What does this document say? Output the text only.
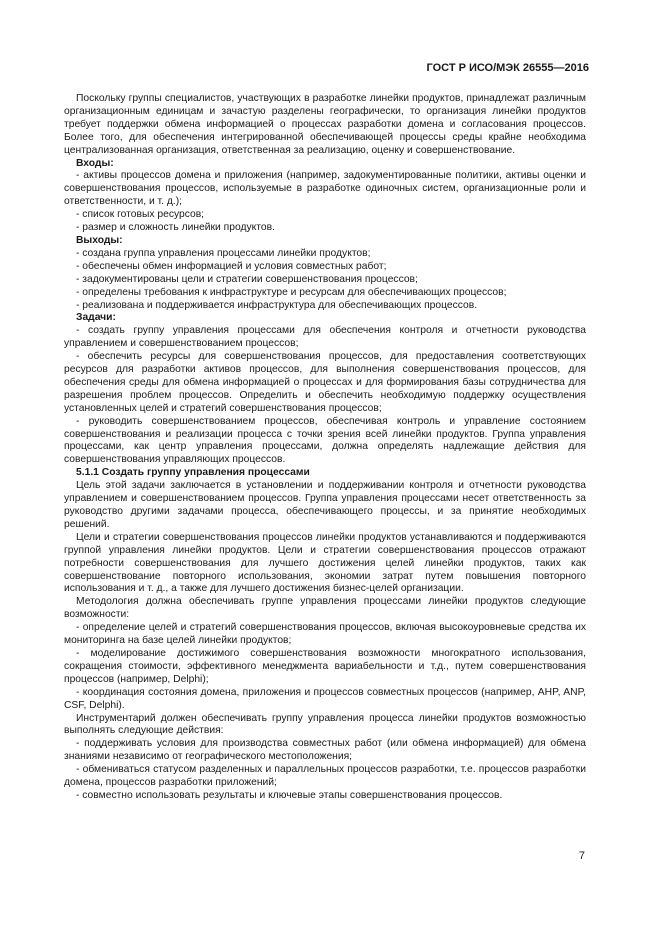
ГОСТ Р ИСО/МЭК 26555—2016

Поскольку группы специалистов, участвующих в разработке линейки продуктов, принадлежат различным организационным единицам и зачастую разделены географически, то организация линейки продуктов требует поддержки обмена информацией о процессах разработки домена и согласования процессов. Более того, для обеспечения интегрированной обеспечивающей процессы среды крайне необходима централизованная организация, ответственная за реализацию, оценку и совершенствование.

Входы:

- активы процессов домена и приложения (например, задокументированные политики, активы оценки и совершенствования процессов, используемые в разработке одиночных систем, организационные роли и ответственности, и т. д.);

- список готовых ресурсов;

- размер и сложность линейки продуктов.

Выходы:

- создана группа управления процессами линейки продуктов;

- обеспечены обмен информацией и условия совместных работ;

- задокументированы цели и стратегии совершенствования процессов;

- определены требования к инфраструктуре и ресурсам для обеспечивающих процессов;

- реализована и поддерживается инфраструктура для обеспечивающих процессов.

Задачи:

- создать группу управления процессами для обеспечения контроля и отчетности руководства управлением и совершенствованием процессов;

- обеспечить ресурсы для совершенствования процессов, для предоставления соответствующих ресурсов для разработки активов процессов, для выполнения совершенствования процессов, для обеспечения среды для обмена информацией о процессах и для формирования базы сотрудничества для разрешения проблем процессов. Определить и обеспечить необходимую поддержку осуществления установленных целей и стратегий совершенствования процессов;

- руководить совершенствованием процессов, обеспечивая контроль и управление состоянием совершенствования и реализации процесса с точки зрения всей линейки продуктов. Группа управления процессами, как центр управления процессами, должна определять надлежащие действия для совершенствования управляющих процессов.

5.1.1 Создать группу управления процессами

Цель этой задачи заключается в установлении и поддерживании контроля и отчетности руководства управлением и совершенствованием процессов. Группа управления процессами несет ответственность за руководство другими задачами процесса, обеспечивающего процессы, и за принятие необходимых решений.

Цели и стратегии совершенствования процессов линейки продуктов устанавливаются и поддерживаются группой управления линейки продуктов. Цели и стратегии совершенствования процессов отражают потребности совершенствования для лучшего достижения целей линейки продуктов, таких как совершенствование повторного использования, экономии затрат путем повышения повторного использования и т. д., а также для лучшего достижения бизнес-целей организации.

Методология должна обеспечивать группе управления процессами линейки продуктов следующие возможности:

- определение целей и стратегий совершенствования процессов, включая высокоуровневые средства их мониторинга на базе целей линейки продуктов;

- моделирование достижимого совершенствования возможности многократного использования, сокращения стоимости, эффективного менеджмента вариабельности и т.д., путем совершенствования процессов (например, Delphi);

- координация состояния домена, приложения и процессов совместных процессов (например, AHP, ANP, CSF, Delphi).

Инструментарий должен обеспечивать группу управления процесса линейки продуктов возможностью выполнять следующие действия:

- поддерживать условия для производства совместных работ (или обмена информацией) для обмена знаниями независимо от географического местоположения;

- обмениваться статусом разделенных и параллельных процессов разработки, т.е. процессов разработки домена, процессов разработки приложений;

- совместно использовать результаты и ключевые этапы совершенствования процессов.

7
